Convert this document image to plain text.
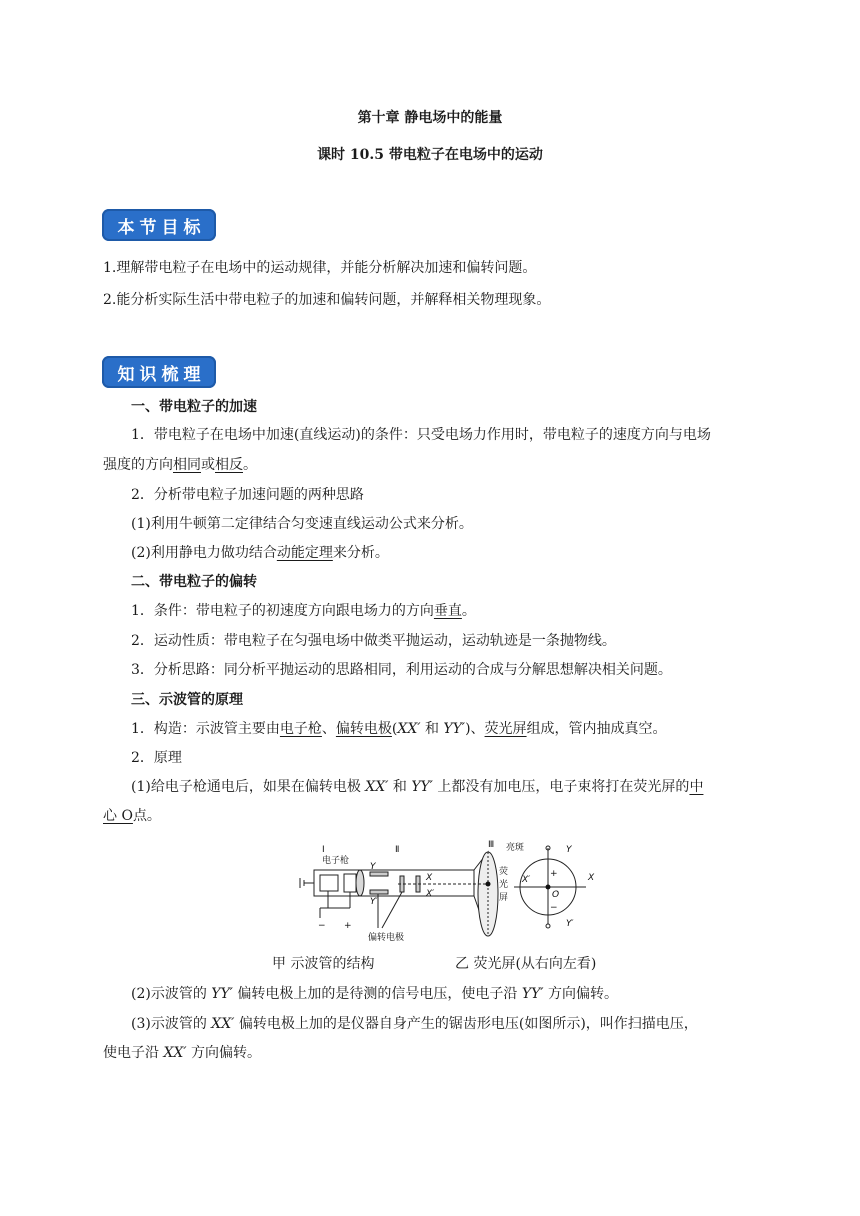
第十章 静电场中的能量

课时 10.5 带电粒子在电场中的运动

本节目标
1.理解带电粒子在电场中的运动规律，并能分析解决加速和偏转问题。
2.能分析实际生活中带电粒子的加速和偏转问题，并解释相关物理现象。
知识梳理
一、带电粒子的加速
1．带电粒子在电场中加速(直线运动)的条件：只受电场力作用时，带电粒子的速度方向与电场
强度的方向相同或相反。
2．分析带电粒子加速问题的两种思路
(1)利用牛顿第二定律结合匀变速直线运动公式来分析。
(2)利用静电力做功结合动能定理来分析。
二、带电粒子的偏转
1．条件：带电粒子的初速度方向跟电场力的方向垂直。
2．运动性质：带电粒子在匀强电场中做类平抛运动，运动轨迹是一条抛物线。
3．分析思路：同分析平抛运动的思路相同，利用运动的合成与分解思想解决相关问题。
三、示波管的原理
1．构造：示波管主要由电子枪、偏转电极(XX′ 和 YY′)、荧光屏组成，管内抽成真空。
2．原理
(1)给电子枪通电后，如果在偏转电极 XX′ 和 YY′ 上都没有加电压，电子束将打在荧光屏的中
心 O点。
Ⅰ
电子枪
Ⅱ	Ⅲ 亮斑
荧
光
屏
Y
Y′
X
X′
O
X
X′
Y
Y′
+
−
− +
偏转电极
甲 示波管的结构	乙 荧光屏(从右向左看)
(2)示波管的 YY′ 偏转电极上加的是待测的信号电压，使电子沿 YY′ 方向偏转。
(3)示波管的 XX′ 偏转电极上加的是仪器自身产生的锯齿形电压(如图所示)，叫作扫描电压，
使电子沿 XX′ 方向偏转。
